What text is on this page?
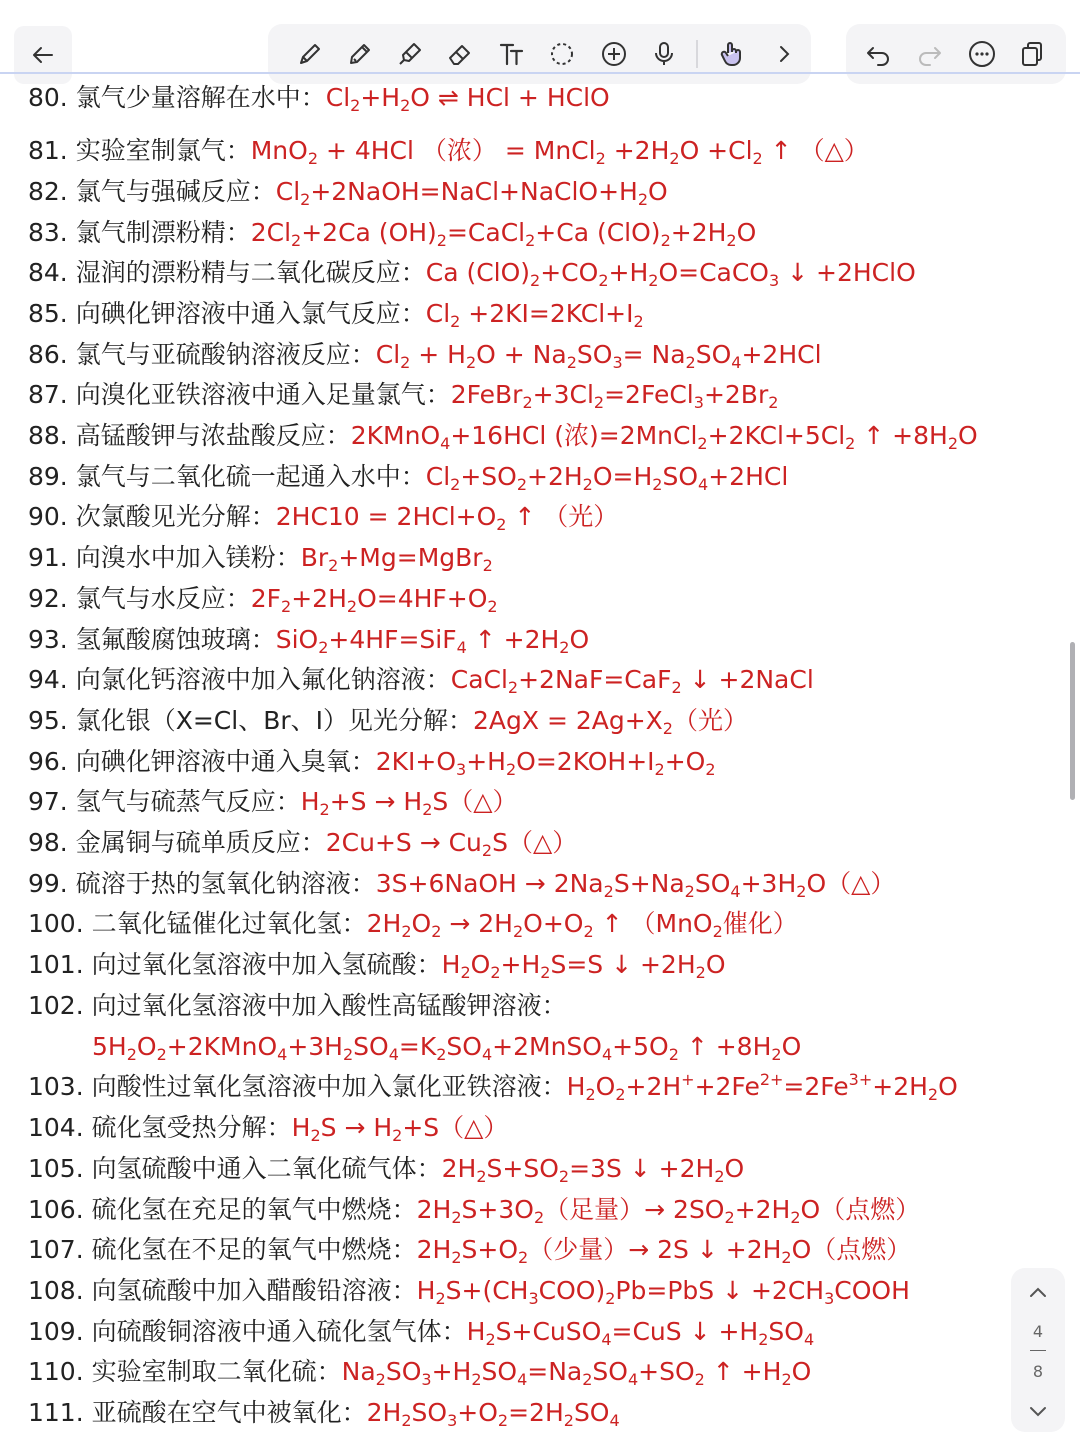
80. 氯气少量溶解在水中：$Cl_2+H_2O$ ⇌ HCl + HClO
81. 实验室制氯气：MnO$_2$ + 4HCl （浓） = MnCl$_2$ $+2H_2O +Cl_2$ ↑ （△）
82. 氯气与强碱反应：$Cl_2+2NaOH=NaCl+NaClO+H_2O$
83. 氯气制漂粉精：$2Cl_2+2Ca$ $(OH)_2=CaCl_2+Ca$ $(ClO)_2+2H_2O$
84. 湿润的漂粉精与二氧化碳反应：Ca $(ClO)_2+CO_2+H_2O=CaCO_3$ ↓ +2HClO
85. 向碘化钾溶液中通入氯气反应：$Cl_2 +2KI=2KCl+I_2$
86. 氯气与亚硫酸钠溶液反应：$Cl_2 + H_2O + Na_2SO_3= Na_2SO_4+2HCl$
87. 向溴化亚铁溶液中通入足量氯气：$2FeBr_2+3Cl_2=2FeCl_3+2Br_2$
88. 高锰酸钾与浓盐酸反应：2KMnO$_4$+16HCl (浓)$=2MnCl_2+2KCl+5Cl_2$ ↑ $+8H_2O$
89. 氯气与二氧化硫一起通入水中：$Cl_2+SO_2+2H_2O=H_2SO_4+2HCl$
90. 次氯酸见光分解：$2HC10 = 2HCl+O_2$ ↑ （光）
91. 向溴水中加入镁粉：$Br_2+Mg=MgBr_2$
92. 氯气与水反应：$2F_2+2H_2O=4HF+O_2$
93. 氢氟酸腐蚀玻璃：SiO$_2$+4HF=SiF$_4$ ↑ $+2H_2O$
94. 向氯化钙溶液中加入氟化钠溶液：CaCl$_2$+2NaF=CaF$_2$ ↓ +2NaCl
95. 氯化银（X=Cl、Br、I）见光分解：$2AgX = 2Ag+X_2$（光）
96. 向碘化钾溶液中通入臭氧：$2KI+O_3+H_2O=2KOH+I_2+O_2$
97. 氢气与硫蒸气反应：$H_2+S$ → $H_2S(\triangle)$
98. 金属铜与硫单质反应：$2Cu+S \to Cu_2S(\triangle)$
99. 硫溶于热的氢氧化钠溶液：3S+6NaOH → $2Na_2S+Na_2SO_4+3H_2O(\triangle)$
100. 二氧化锰催化过氧化氢：$2H_2O_2 \to 2H_2O+O_2$ ↑ （MnO$_2$催化）
101. 向过氧化氢溶液中加入氢硫酸：$H_2O_2+H_2S=S$ ↓ $+2H_2O$
102. 向过氧化氢溶液中加入酸性高锰酸钾溶液：
$5H_2O_2+2KMnO_4+3H_2SO_4=K_2SO_4+2MnSO_4+5O_2$ ↑ $+8H_2O$
103. 向酸性过氧化氢溶液中加入氯化亚铁溶液：$H_2O_2+2H^++2Fe^{2+}=2Fe^{3+}+2H_2O$
104. 硫化氢受热分解：$H_2S$ → $H_2+S(\triangle)$
105. 向氢硫酸中通入二氧化硫气体：$2H_2S+SO_2=3S$ ↓ $+2H_2O$
106. 硫化氢在充足的氧气中燃烧：$2H_2S+3O_2$（足量）→ $2SO_2+2H_2O$（点燃）
107. 硫化氢在不足的氧气中燃烧：$2H_2S+O_2$（少量）→ 2S ↓ $+2H_2O$（点燃）
108. 向氢硫酸中加入醋酸铅溶液：$H_2S+(CH_3COO)_2Pb=PbS$ ↓ $+2CH_3COOH$
109. 向硫酸铜溶液中通入硫化氢气体：$H_2S+CuSO_4=CuS$ ↓ $+H_2SO_4$
110. 实验室制取二氧化硫：$Na_2SO_3+H_2SO_4=Na_2SO_4+SO_2$ ↑ $+H_2O$
111. 亚硫酸在空气中被氧化：$2H_2SO_3+O_2=2H_2SO_4$
4
8
